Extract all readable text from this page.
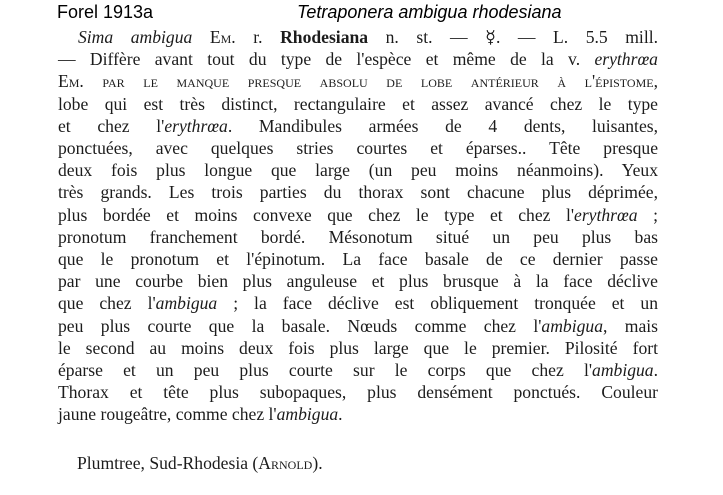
Forel 1913a	Tetraponera ambigua rhodesiana
Sima ambigua Em. r. Rhodesiana n. st. — ☿. — L. 5.5 mill.
— Diffère avant tout du type de l'espèce et même de la v. erythrœa
Em. par le manque presque absolu de lobe antérieur à l'épistome,
lobe qui est très distinct, rectangulaire et assez avancé chez le type
et chez l'erythrœa. Mandibules armées de 4 dents, luisantes,
ponctuées, avec quelques stries courtes et éparses.. Tête presque
deux fois plus longue que large (un peu moins néanmoins). Yeux
très grands. Les trois parties du thorax sont chacune plus déprimée,
plus bordée et moins convexe que chez le type et chez l'erythrœa ;
pronotum franchement bordé. Mésonotum situé un peu plus bas
que le pronotum et l'épinotum. La face basale de ce dernier passe
par une courbe bien plus anguleuse et plus brusque à la face déclive
que chez l'ambigua ; la face déclive est obliquement tronquée et un
peu plus courte que la basale. Nœuds comme chez l'ambigua, mais
le second au moins deux fois plus large que le premier. Pilosité fort
éparse et un peu plus courte sur le corps que chez l'ambigua.
Thorax et tête plus subopaques, plus densément ponctués. Couleur
jaune rougeâtre, comme chez l'ambigua.
Plumtree, Sud-Rhodesia (Arnold).
